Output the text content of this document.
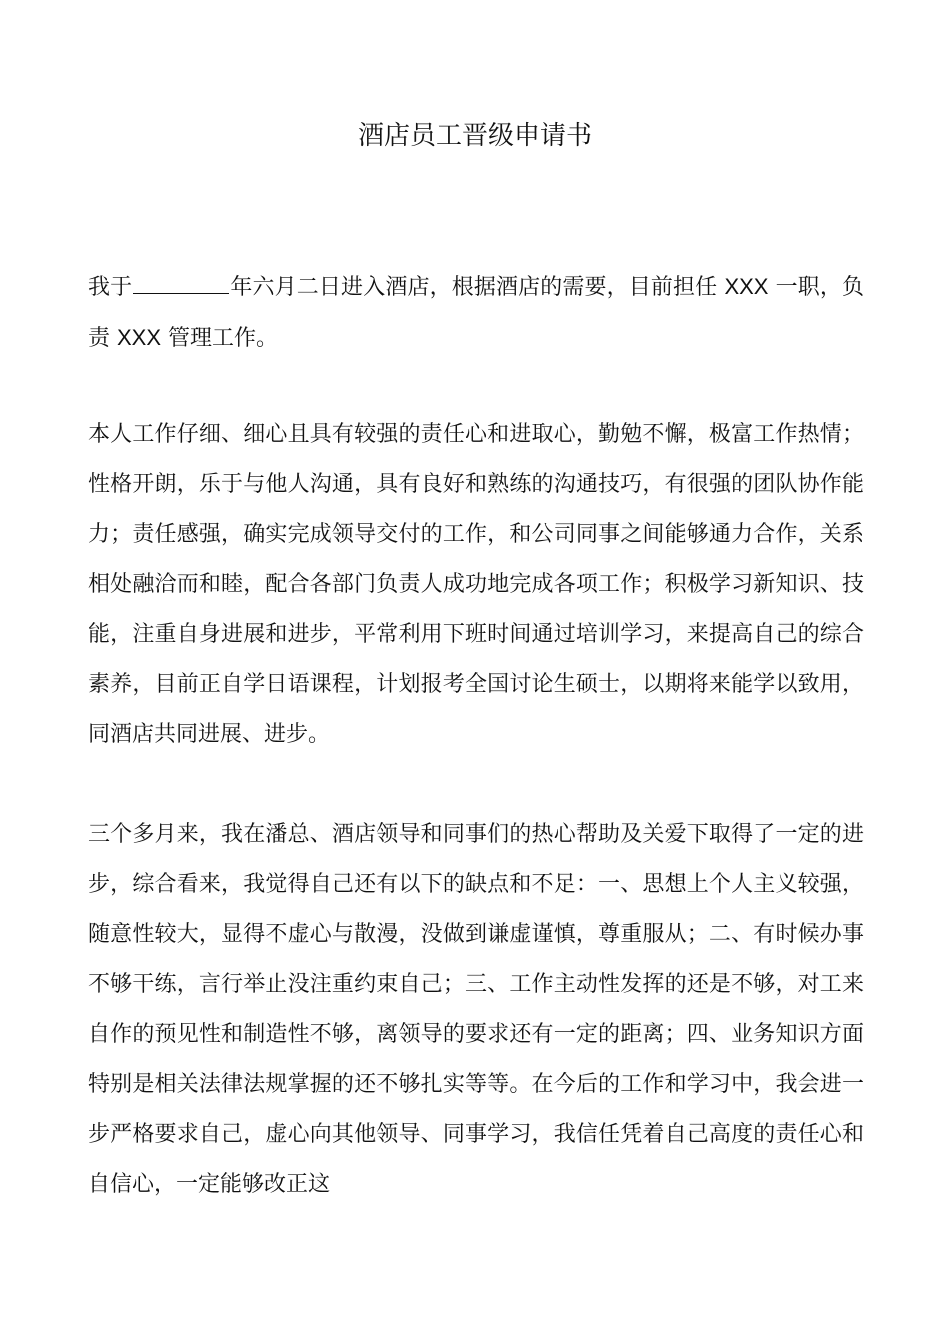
酒店员工晋级申请书

我于	年六月二日进入酒店，根据酒店的需要，目前担任 XXX 一职，负责 XXX 管理工作。

本人工作仔细、细心且具有较强的责任心和进取心，勤勉不懈，极富工作热情；性格开朗，乐于与他人沟通，具有良好和熟练的沟通技巧，有很强的团队协作能力；责任感强，确实完成领导交付的工作，和公司同事之间能够通力合作，关系相处融洽而和睦，配合各部门负责人成功地完成各项工作；积极学习新知识、技能，注重自身进展和进步，平常利用下班时间通过培训学习，来提高自己的综合素养，目前正自学日语课程，计划报考全国讨论生硕士，以期将来能学以致用，同酒店共同进展、进步。

三个多月来，我在潘总、酒店领导和同事们的热心帮助及关爱下取得了一定的进步，综合看来，我觉得自己还有以下的缺点和不足：一、思想上个人主义较强，随意性较大，显得不虚心与散漫，没做到谦虚谨慎，尊重服从；二、有时候办事不够干练，言行举止没注重约束自己；三、工作主动性发挥的还是不够，对工来自作的预见性和制造性不够，离领导的要求还有一定的距离；四、业务知识方面特别是相关法律法规掌握的还不够扎实等等。在今后的工作和学习中，我会进一步严格要求自己，虚心向其他领导、同事学习，我信任凭着自己高度的责任心和自信心，一定能够改正这
